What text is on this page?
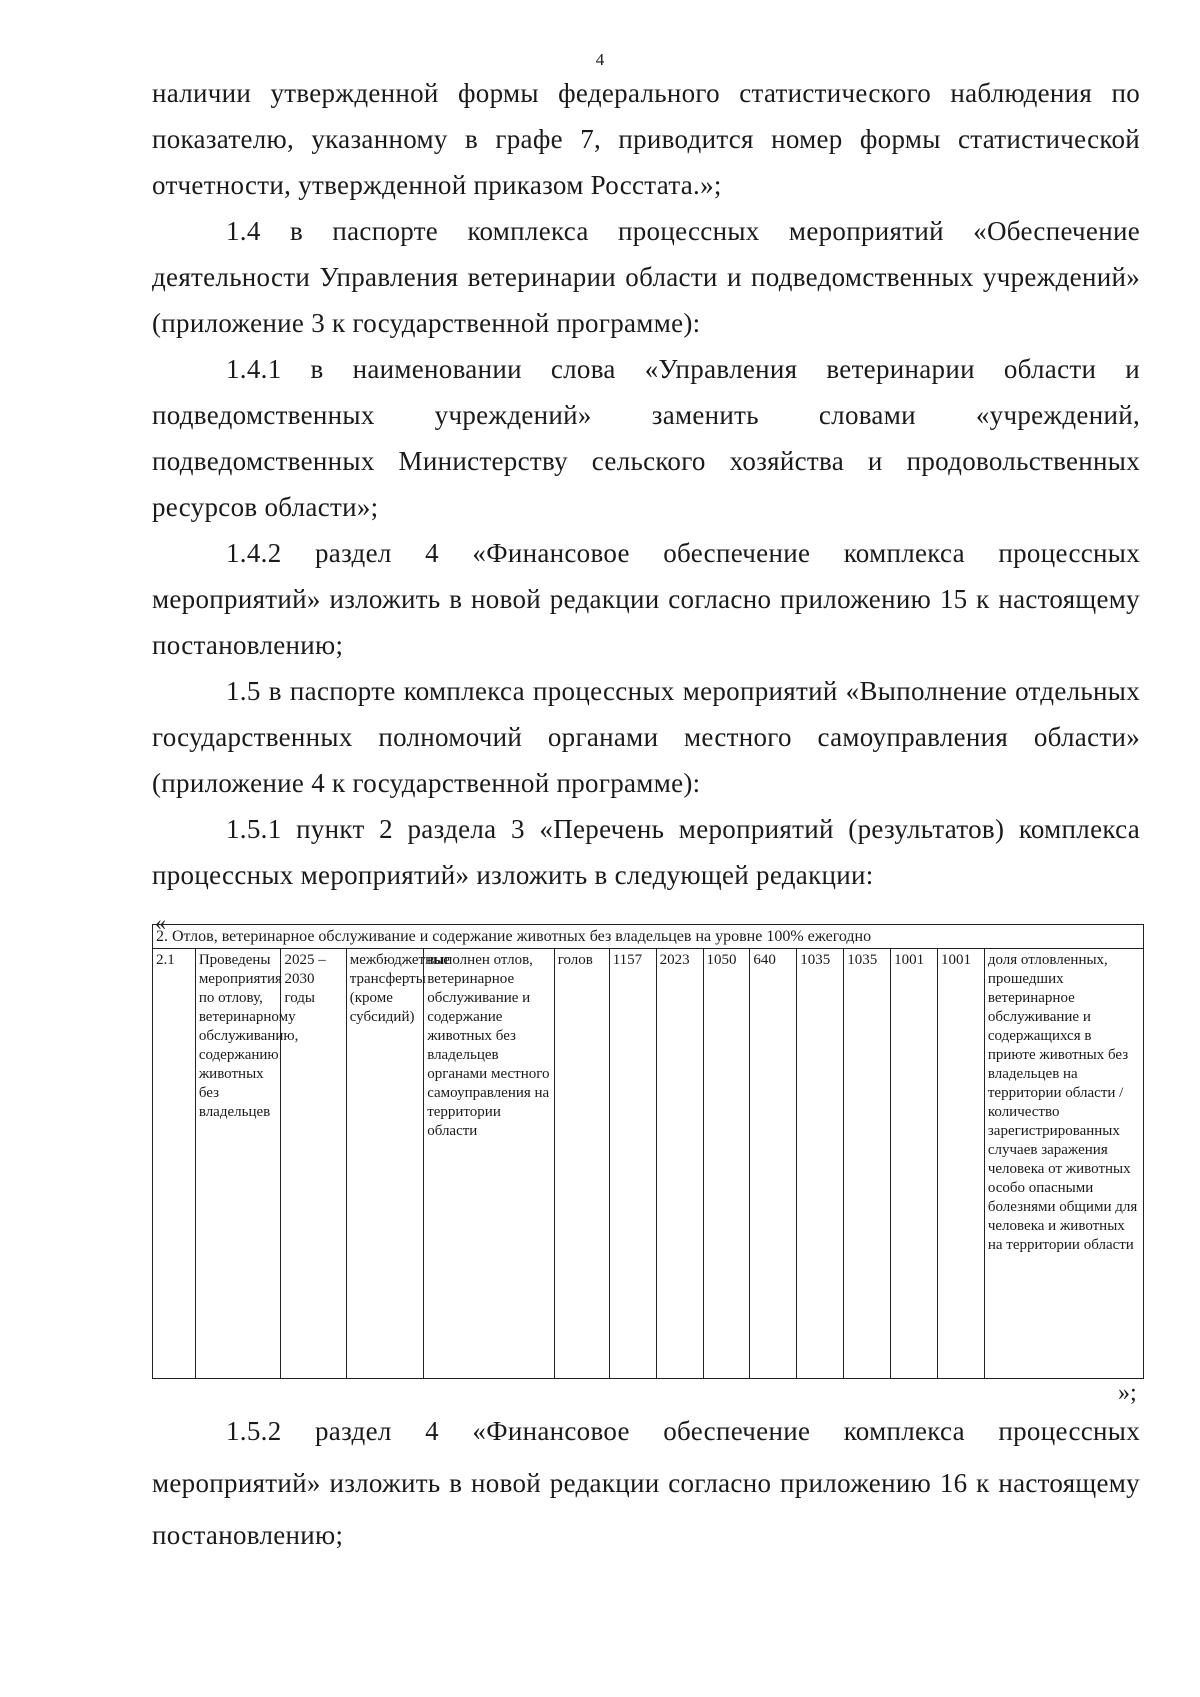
4

наличии утвержденной формы федерального статистического наблюдения по показателю, указанному в графе 7, приводится номер формы статистической отчетности, утвержденной приказом Росстата.»;

1.4 в паспорте комплекса процессных мероприятий «Обеспечение деятельности Управления ветеринарии области и подведомственных учреждений» (приложение 3 к государственной программе):

1.4.1 в наименовании слова «Управления ветеринарии области и подведомственных учреждений» заменить словами «учреждений, подведомственных Министерству сельского хозяйства и продовольственных ресурсов области»;

1.4.2 раздел 4 «Финансовое обеспечение комплекса процессных мероприятий» изложить в новой редакции согласно приложению 15 к настоящему постановлению;

1.5 в паспорте комплекса процессных мероприятий «Выполнение отдельных государственных полномочий органами местного самоуправления области» (приложение 4 к государственной программе):

1.5.1 пункт 2 раздела 3 «Перечень мероприятий (результатов) комплекса процессных мероприятий» изложить в следующей редакции:

«
2. Отлов, ветеринарное обслуживание и содержание животных без владельцев на уровне 100% ежегодно
2.1	Проведены мероприятия по отлову, ветеринарному обслуживанию, содержанию животных без владельцев	2025 – 2030 годы	межбюджетные трансферты (кроме субсидий)	выполнен отлов, ветеринарное обслуживание и содержание животных без владельцев органами местного самоуправления на территории области	голов	1157	2023	1050	640	1035	1035	1001	1001	доля отловленных, прошедших ветеринарное обслуживание и содержащихся в приюте животных без владельцев на территории области / количество зарегистрированных случаев заражения человека от животных особо опасными болезнями общими для человека и животных на территории области
»;

1.5.2 раздел 4 «Финансовое обеспечение комплекса процессных мероприятий» изложить в новой редакции согласно приложению 16 к настоящему постановлению;
